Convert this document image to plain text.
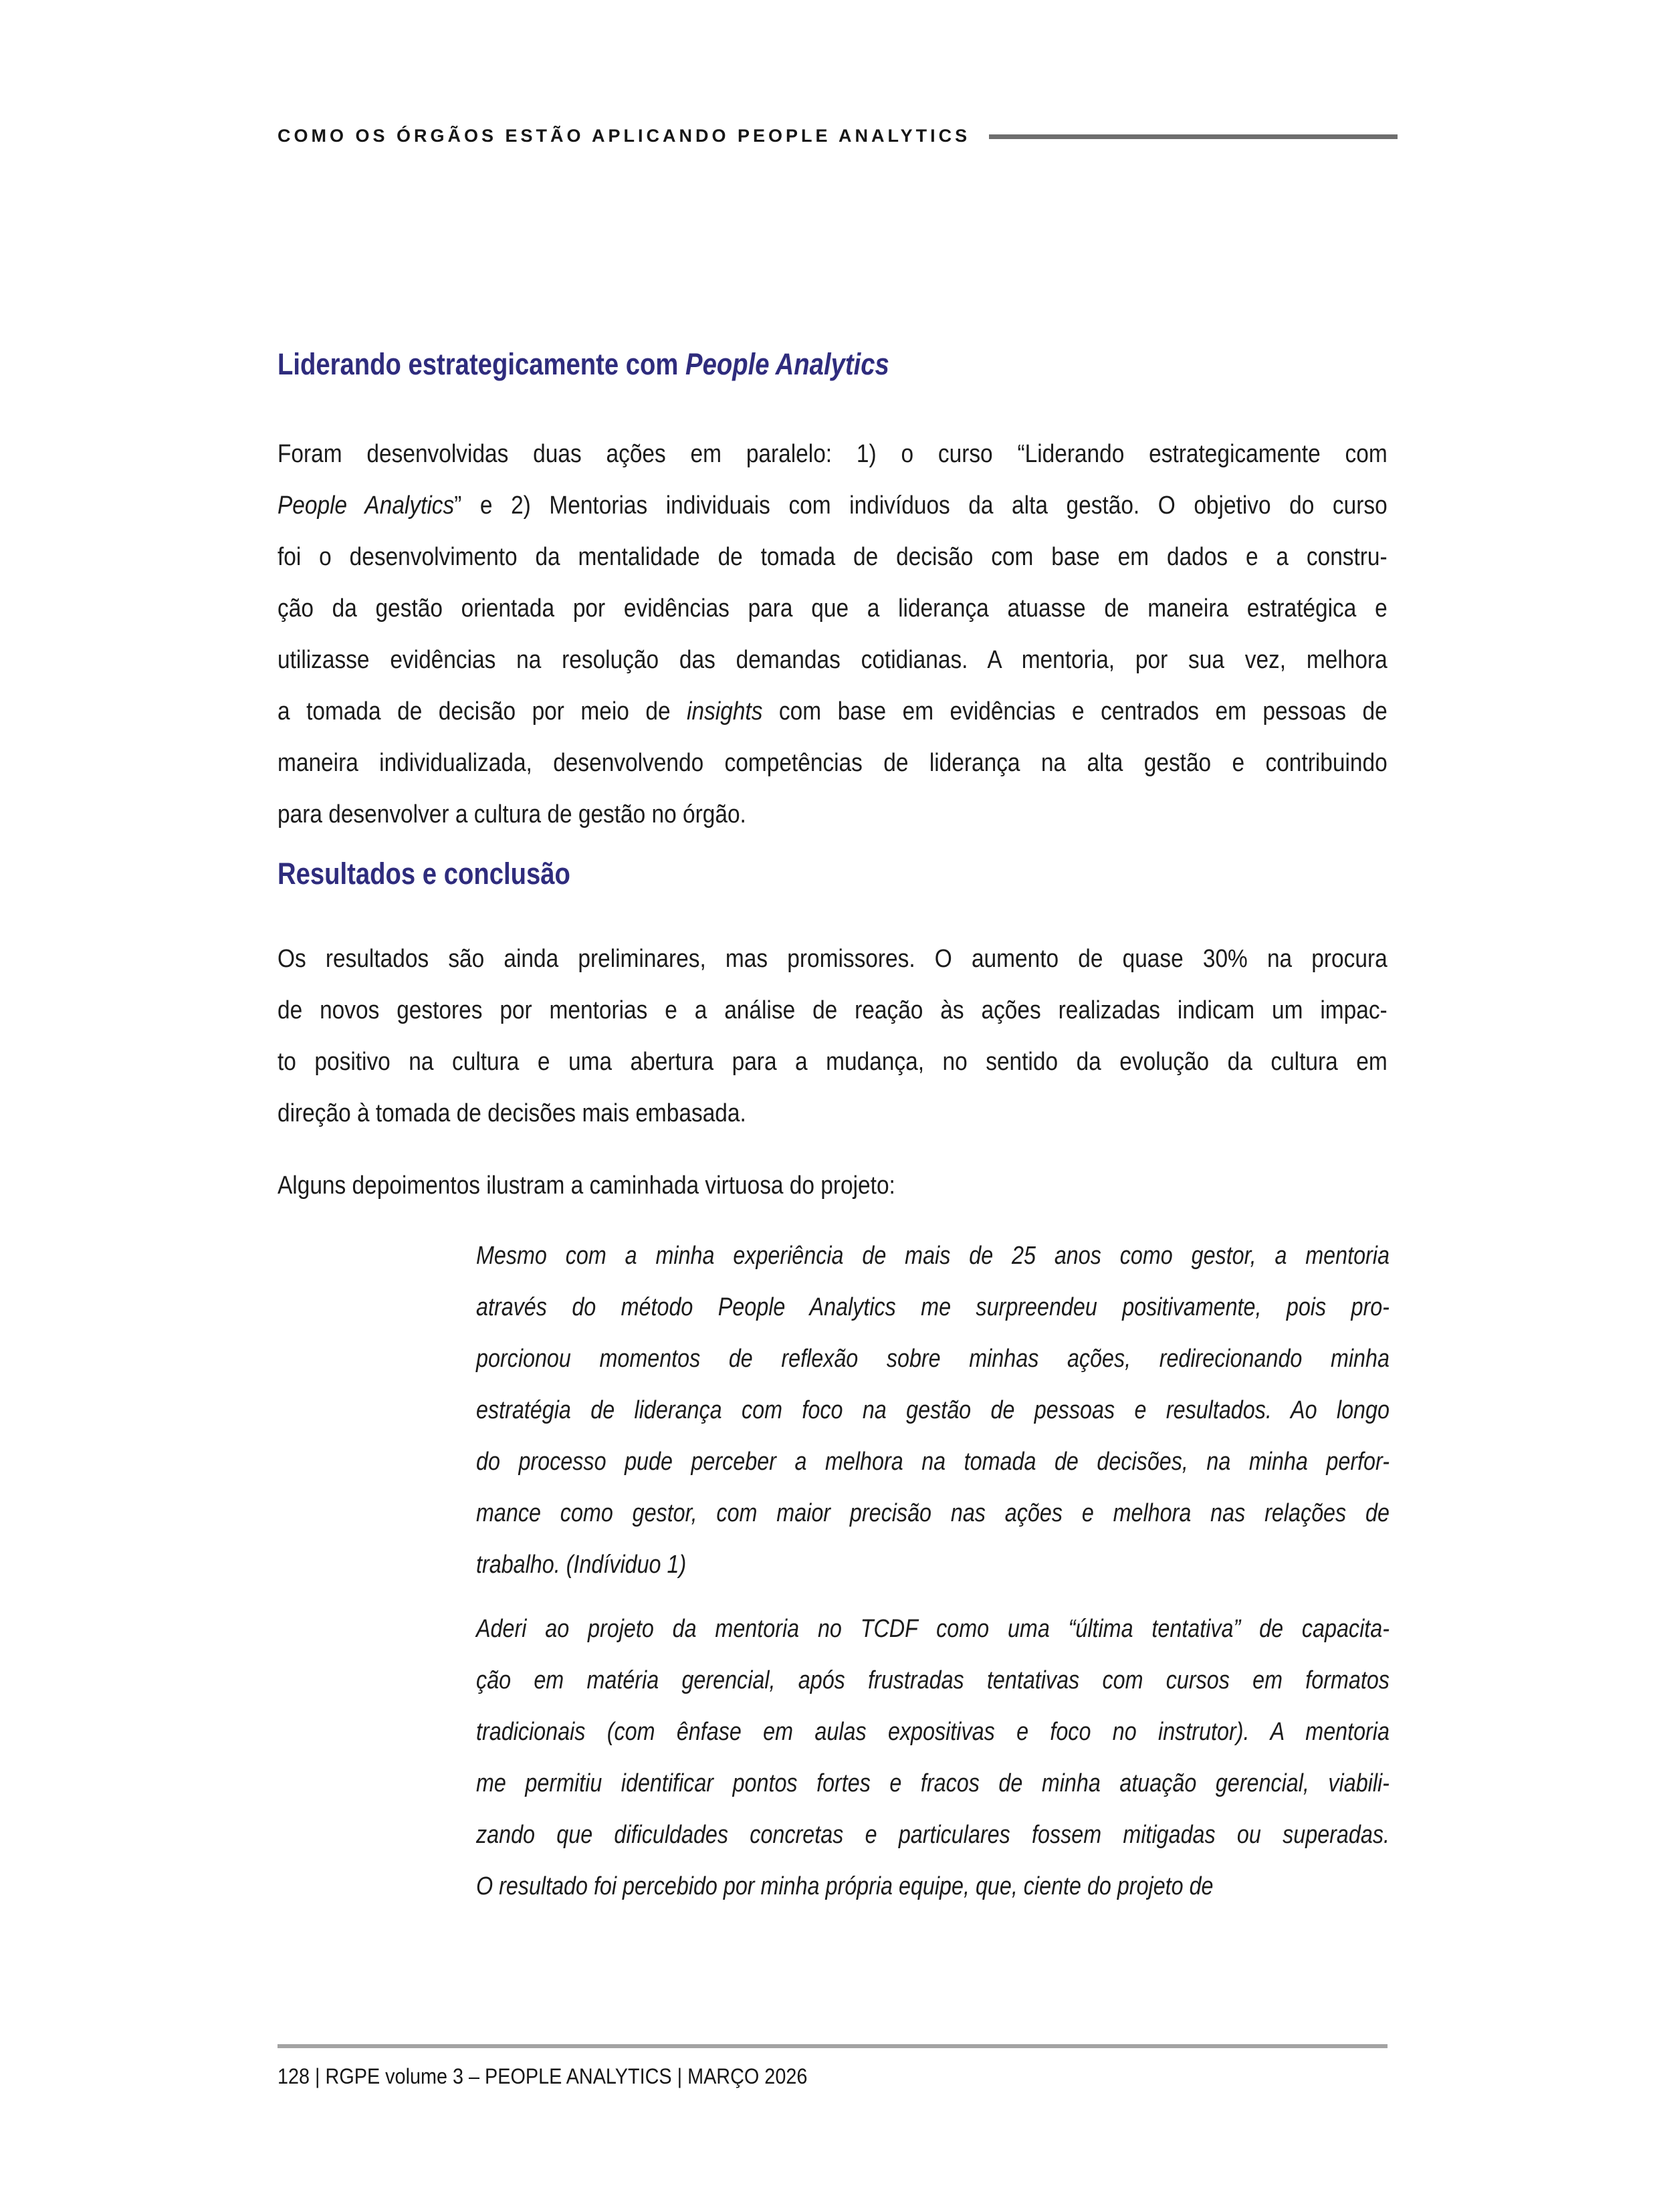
COMO OS ÓRGÃOS ESTÃO APLICANDO PEOPLE ANALYTICS
Liderando estrategicamente com People Analytics
Foram desenvolvidas duas ações em paralelo: 1) o curso “Liderando estrategicamente com
People Analytics” e 2) Mentorias individuais com indivíduos da alta gestão. O objetivo do curso
foi o desenvolvimento da mentalidade de tomada de decisão com base em dados e a constru-
ção da gestão orientada por evidências para que a liderança atuasse de maneira estratégica e
utilizasse evidências na resolução das demandas cotidianas. A mentoria, por sua vez, melhora
a tomada de decisão por meio de insights com base em evidências e centrados em pessoas de
maneira individualizada, desenvolvendo competências de liderança na alta gestão e contribuindo
para desenvolver a cultura de gestão no órgão.
Resultados e conclusão
Os resultados são ainda preliminares, mas promissores. O aumento de quase 30% na procura
de novos gestores por mentorias e a análise de reação às ações realizadas indicam um impac-
to positivo na cultura e uma abertura para a mudança, no sentido da evolução da cultura em
direção à tomada de decisões mais embasada.
Alguns depoimentos ilustram a caminhada virtuosa do projeto:
Mesmo com a minha experiência de mais de 25 anos como gestor, a mentoria
através do método People Analytics me surpreendeu positivamente, pois pro-
porcionou momentos de reflexão sobre minhas ações, redirecionando minha
estratégia de liderança com foco na gestão de pessoas e resultados. Ao longo
do processo pude perceber a melhora na tomada de decisões, na minha perfor-
mance como gestor, com maior precisão nas ações e melhora nas relações de
trabalho. (Indíviduo 1)
Aderi ao projeto da mentoria no TCDF como uma “última tentativa” de capacita-
ção em matéria gerencial, após frustradas tentativas com cursos em formatos
tradicionais (com ênfase em aulas expositivas e foco no instrutor). A mentoria
me permitiu identificar pontos fortes e fracos de minha atuação gerencial, viabili-
zando que dificuldades concretas e particulares fossem mitigadas ou superadas.
O resultado foi percebido por minha própria equipe, que, ciente do projeto de
128 | RGPE volume 3 – PEOPLE ANALYTICS | MARÇO 2026
